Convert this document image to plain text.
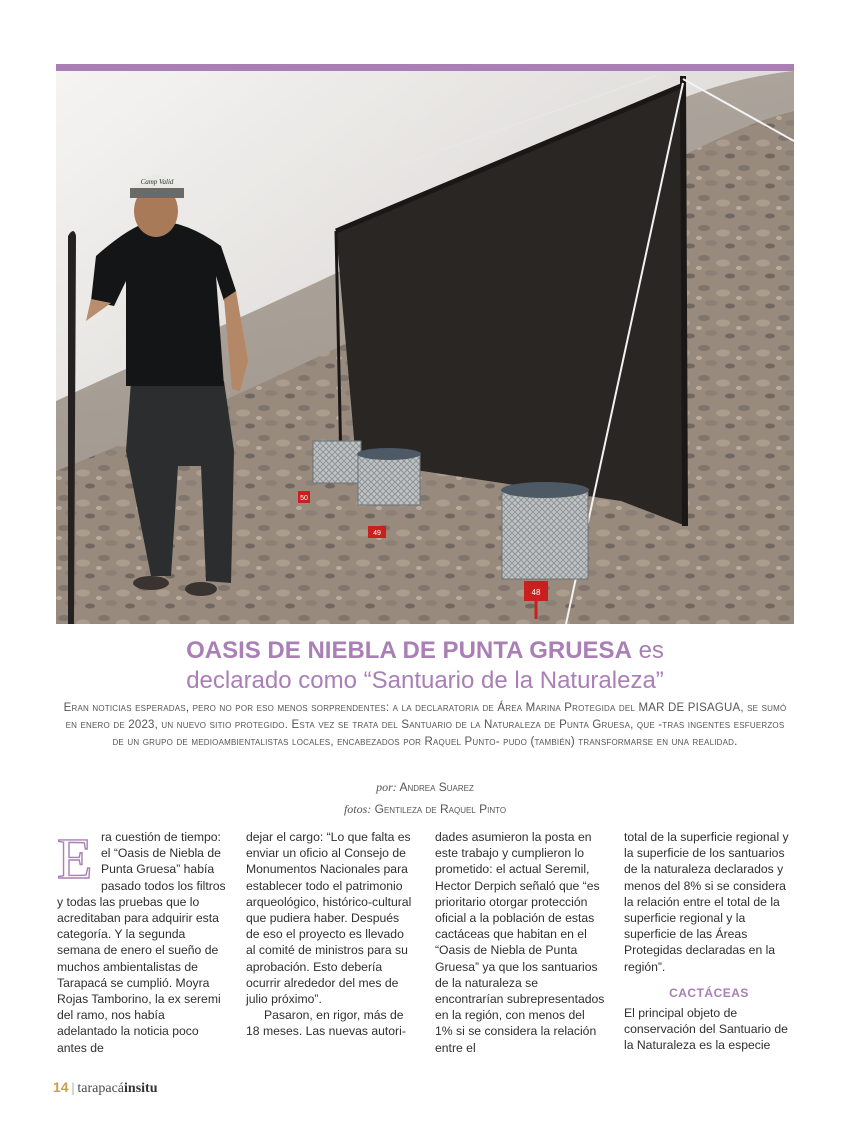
50
49
48
Camp Valid
OASIS DE NIEBLA DE PUNTA GRUESA es
declarado como “Santuario de la Naturaleza”
Eran noticias esperadas, pero no por eso menos sorprendentes: a la declaratoria de Área Marina Protegida del MAR DE PISAGUA, se sumó en enero de 2023, un nuevo sitio protegido. Esta vez se trata del Santuario de la Naturaleza de Punta Gruesa, que -tras ingentes esfuerzos de un grupo de medioambientalistas locales, encabezados por Raquel Punto- pudo (también) transformarse en una realidad.
por: Andrea Suarez
fotos: Gentileza de Raquel Pinto
E ra cuestión de tiempo: el “Oasis de Niebla de Punta Gruesa” había pasado todos los filtros y todas las pruebas que lo acreditaban para adquirir esta categoría. Y la segunda semana de enero el sueño de muchos ambientalistas de Tarapacá se cumplió. Moyra Rojas Tamborino, la ex seremi del ramo, nos había adelantado la noticia poco antes de

dejar el cargo: “Lo que falta es enviar un oficio al Consejo de Monumentos Nacionales para establecer todo el patrimonio arqueológico, histórico-cultural que pudiera haber. Después de eso el proyecto es llevado al comité de ministros para su aprobación. Esto debería ocurrir alrededor del mes de julio próximo”.

Pasaron, en rigor, más de 18 meses. Las nuevas autori-

dades asumieron la posta en este trabajo y cumplieron lo prometido: el actual Seremil, Hector Derpich señaló que “es prioritario otorgar protección oficial a la población de estas cactáceas que habitan en el “Oasis de Niebla de Punta Gruesa” ya que los santuarios de la naturaleza se encontrarían subrepresentados en la región, con menos del 1% si se considera la relación entre el

total de la superficie regional y la superficie de los santuarios de la naturaleza declarados y menos del 8% si se considera la relación entre el total de la superficie regional y la superficie de las Áreas Protegidas declaradas en la región”.

CACTÁCEAS

El principal objeto de conservación del Santuario de la Naturaleza es la especie

14 | tarapacáinsitu
